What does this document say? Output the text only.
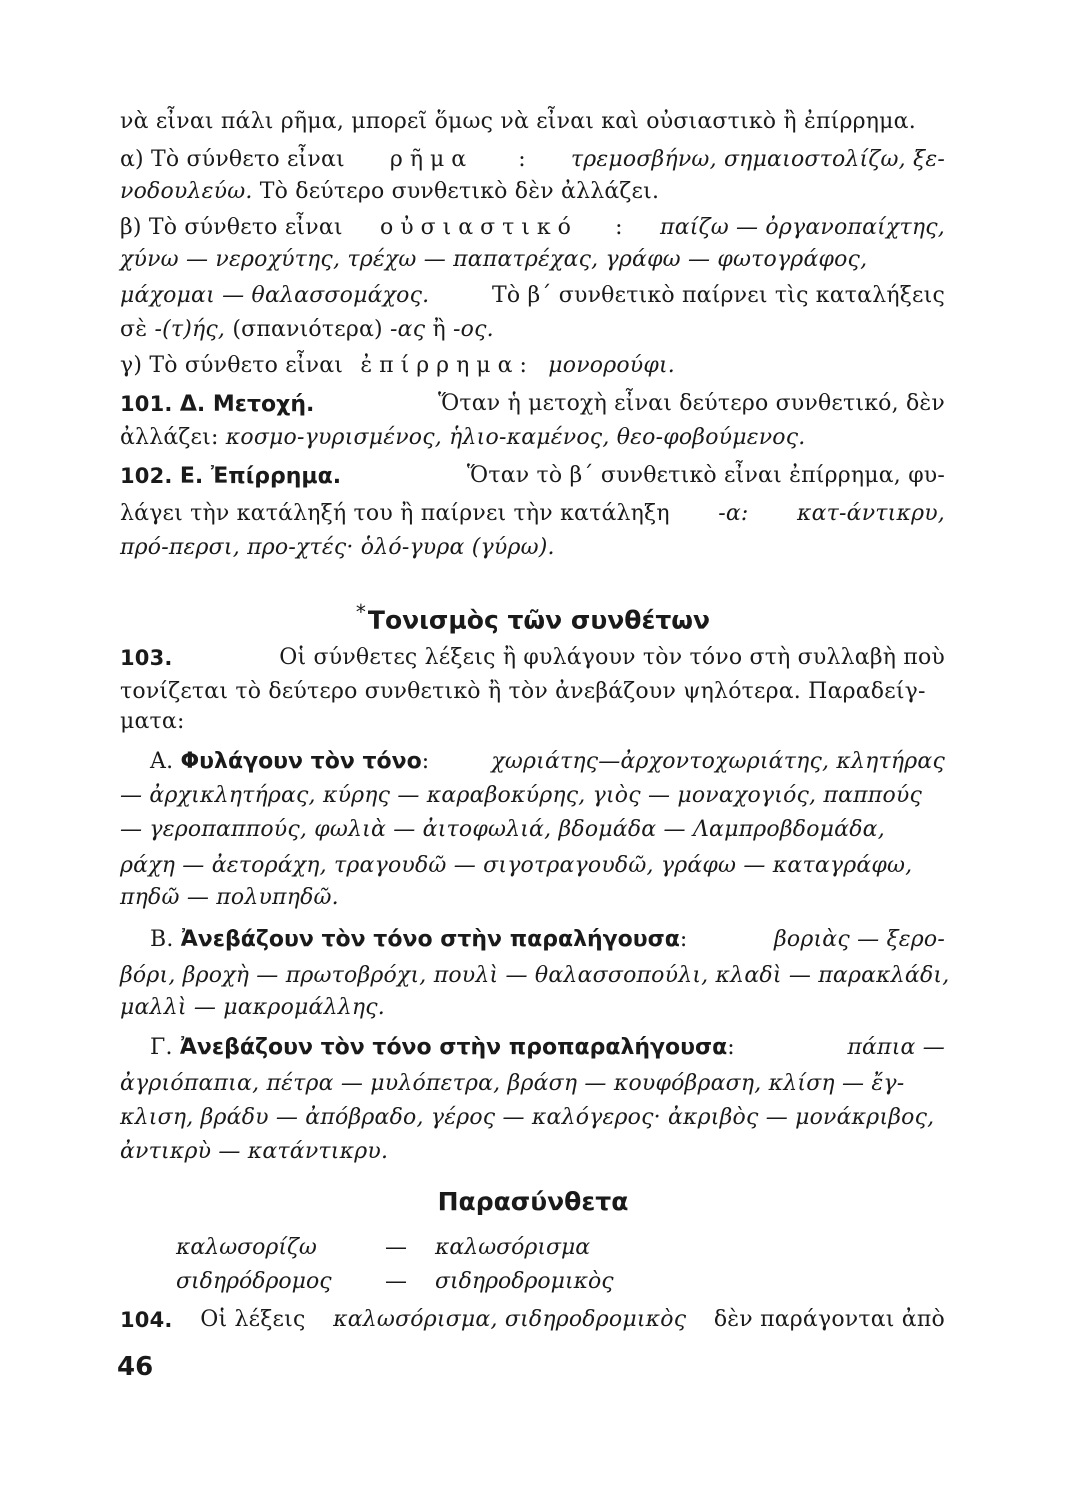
νὰ εἶναι πάλι ρῆμα, μπορεῖ ὅμως νὰ εἶναι καὶ οὐσιαστικὸ ἢ ἐπίρρημα.
α) Τὸ σύνθετο εἶναι ρῆμα : τρεμοσβήνω, σημαιοστολίζω, ξε-
νοδουλεύω. Τὸ δεύτερο συνθετικὸ δὲν ἀλλάζει.
β) Τὸ σύνθετο εἶναι οὐσιαστικό : παίζω — ὀργανοπαίχτης,
χύνω — νεροχύτης, τρέχω — παπατρέχας, γράφω — φωτογράφος,
μάχομαι — θαλασσομάχος.	Τὸ β΄ συνθετικὸ παίρνει τὶς καταλήξεις
σὲ -(τ)ής, (σπανιότερα) -ας ἢ -ος.
γ) Τὸ σύνθετο εἶναι ἐπίρρημα: μονορούφι.
101. Δ. Μετοχή.	Ὅταν ἡ μετοχὴ εἶναι δεύτερο συνθετικό, δὲν
ἀλλάζει: κοσμο-γυρισμένος, ἡλιο-καμένος, θεο-φοβούμενος.
102. Ε. Ἐπίρρημα.	Ὅταν τὸ β΄ συνθετικὸ εἶναι ἐπίρρημα, φυ-
λάγει τὴν κατάληξή του ἢ παίρνει τὴν κατάληξη -α: κατ-άντικρυ,
πρό-περσι, προ-χτές· ὁλό-γυρα (γύρω).
*Τονισμὸς τῶν συνθέτων
103.	Οἱ σύνθετες λέξεις ἢ φυλάγουν τὸν τόνο στὴ συλλαβὴ ποὺ
τονίζεται τὸ δεύτερο συνθετικὸ ἢ τὸν ἀνεβάζουν ψηλότερα. Παραδείγ-
ματα:
Α. Φυλάγουν τὸν τόνο:	χωριάτης—ἀρχοντοχωριάτης, κλητήρας
— ἀρχικλητήρας, κύρης — καραβοκύρης, γιὸς — μοναχογιός, παππούς
— γεροπαππούς, φωλιὰ — ἀιτοφωλιά, βδομάδα — Λαμπροβδομάδα,
ράχη — ἀετοράχη, τραγουδῶ — σιγοτραγουδῶ, γράφω — καταγράφω,
πηδῶ — πολυπηδῶ.
Β. Ἀνεβάζουν τὸν τόνο στὴν παραλήγουσα:	βοριὰς — ξερο-
βόρι, βροχὴ — πρωτοβρόχι, πουλὶ — θαλασσοπούλι, κλαδὶ — παρακλάδι,
μαλλὶ — μακρομάλλης.
Γ. Ἀνεβάζουν τὸν τόνο στὴν προπαραλήγουσα:	πάπια —
ἀγριόπαπια, πέτρα — μυλόπετρα, βράση — κουφόβραση, κλίση — ἔγ-
κλιση, βράδυ — ἀπόβραδο, γέρος — καλόγερος· ἀκριβὸς — μονάκριβος,
ἀντικρὺ — κατάντικρυ.
Παρασύνθετα
καλωσορίζω	— καλωσόρισμα
σιδηρόδρομος — σιδηροδρομικὸς
104. Οἱ λέξεις καλωσόρισμα, σιδηροδρομικὸς δὲν παράγονται ἀπὸ
46
